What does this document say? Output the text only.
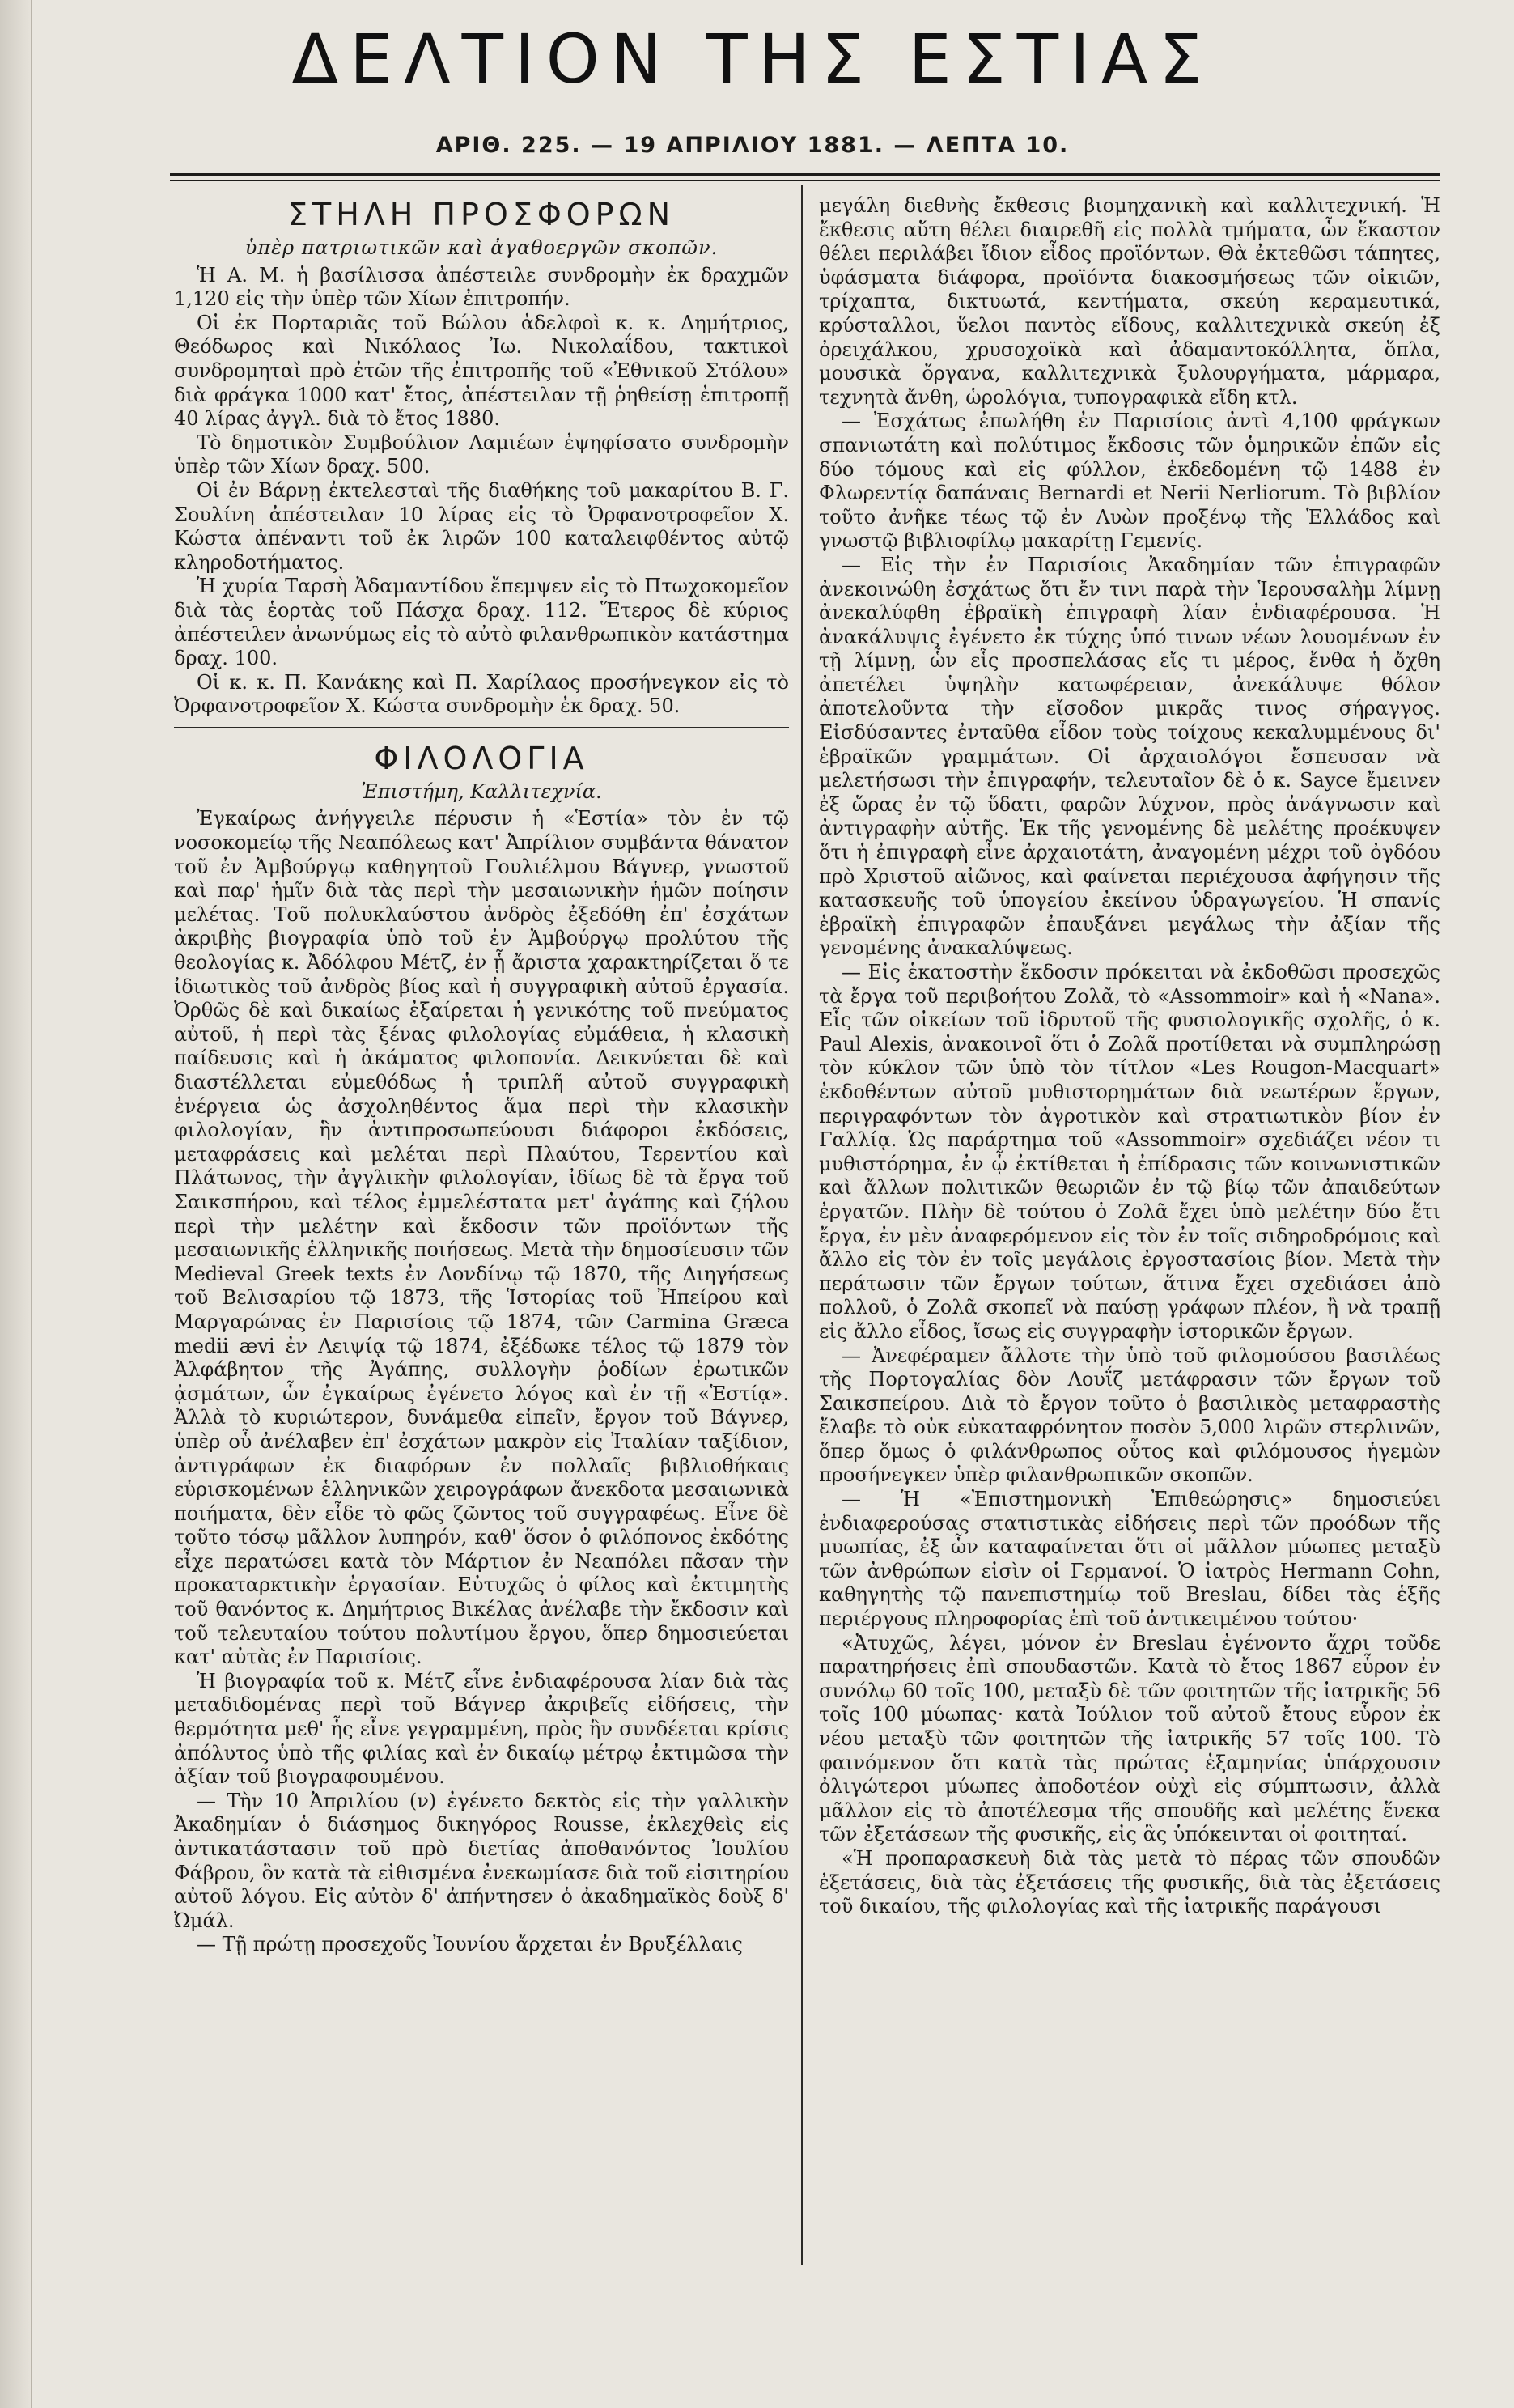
ΔΕΛΤΙΟΝ ΤΗΣ ΕΣΤΙΑΣ
ΑΡΙΘ. 225. — 19 ΑΠΡΙΛΙΟΥ 1881. — ΛΕΠΤΑ 10.
ΣΤΗΛΗ ΠΡΟΣΦΟΡΩΝ
ὑπὲρ πατριωτικῶν καὶ ἀγαθοεργῶν σκοπῶν.

Ἡ Α. Μ. ἡ βασίλισσα ἀπέστειλε συνδρομὴν ἐκ δραχμῶν 1,120 εἰς τὴν ὑπὲρ τῶν Χίων ἐπιτροπήν.

Οἱ ἐκ Πορταριᾶς τοῦ Βώλου ἀδελφοὶ κ. κ. Δημήτριος, Θεόδωρος καὶ Νικόλαος Ἰω. Νικολαΐδου, τακτικοὶ συνδρομηταὶ πρὸ ἐτῶν τῆς ἐπιτροπῆς τοῦ «Ἐθνικοῦ Στόλου» διὰ φράγκα 1000 κατ' ἔτος, ἀπέστειλαν τῇ ῥηθείσῃ ἐπιτροπῇ 40 λίρας ἀγγλ. διὰ τὸ ἔτος 1880.

Τὸ δημοτικὸν Συμβούλιον Λαμιέων ἐψηφίσατο συνδρομὴν ὑπὲρ τῶν Χίων δραχ. 500.

Οἱ ἐν Βάρνῃ ἐκτελεσταὶ τῆς διαθήκης τοῦ μακαρίτου Β. Γ. Σουλίνη ἀπέστειλαν 10 λίρας εἰς τὸ Ὀρφανοτροφεῖον Χ. Κώστα ἀπέναντι τοῦ ἐκ λιρῶν 100 καταλειφθέντος αὐτῷ κληροδοτήματος.

Ἡ χυρία Ταρσὴ Ἀδαμαντίδου ἔπεμψεν εἰς τὸ Πτωχοκομεῖον διὰ τὰς ἑορτὰς τοῦ Πάσχα δραχ. 112. Ἕτερος δὲ κύριος ἀπέστειλεν ἀνωνύμως εἰς τὸ αὐτὸ φιλανθρωπικὸν κατάστημα δραχ. 100.

Οἱ κ. κ. Π. Κανάκης καὶ Π. Χαρίλαος προσήνεγκον εἰς τὸ Ὀρφανοτροφεῖον Χ. Κώστα συνδρομὴν ἐκ δραχ. 50.

ΦΙΛΟΛΟΓΙΑ
Ἐπιστήμη, Καλλιτεχνία.

Ἐγκαίρως ἀνήγγειλε πέρυσιν ἡ «Ἑστία» τὸν ἐν τῷ νοσοκομείῳ τῆς Νεαπόλεως κατ' Ἀπρίλιον συμβάντα θάνατον τοῦ ἐν Ἀμβούργῳ καθηγητοῦ Γουλιέλμου Βάγνερ, γνωστοῦ καὶ παρ' ἡμῖν διὰ τὰς περὶ τὴν μεσαιωνικὴν ἡμῶν ποίησιν μελέτας. Τοῦ πολυκλαύστου ἀνδρὸς ἐξεδόθη ἐπ' ἐσχάτων ἀκριβὴς βιογραφία ὑπὸ τοῦ ἐν Ἀμβούργῳ προλύτου τῆς θεολογίας κ. Ἀδόλφου Μέτζ, ἐν ᾗ ἄριστα χαρακτηρίζεται ὅ τε ἰδιωτικὸς τοῦ ἀνδρὸς βίος καὶ ἡ συγγραφικὴ αὐτοῦ ἐργασία. Ὀρθῶς δὲ καὶ δικαίως ἐξαίρεται ἡ γενικότης τοῦ πνεύματος αὐτοῦ, ἡ περὶ τὰς ξένας φιλολογίας εὐμάθεια, ἡ κλασικὴ παίδευσις καὶ ἡ ἀκάματος φιλοπονία. Δεικνύεται δὲ καὶ διαστέλλεται εὐμεθόδως ἡ τριπλῆ αὐτοῦ συγγραφικὴ ἐνέργεια ὡς ἀσχοληθέντος ἅμα περὶ τὴν κλασικὴν φιλολογίαν, ἣν ἀντιπροσωπεύουσι διάφοροι ἐκδόσεις, μεταφράσεις καὶ μελέται περὶ Πλαύτου, Τερεντίου καὶ Πλάτωνος, τὴν ἀγγλικὴν φιλολογίαν, ἰδίως δὲ τὰ ἔργα τοῦ Σαικσπήρου, καὶ τέλος ἐμμελέστατα μετ' ἀγάπης καὶ ζήλου περὶ τὴν μελέτην καὶ ἔκδοσιν τῶν προϊόντων τῆς μεσαιωνικῆς ἑλληνικῆς ποιήσεως. Μετὰ τὴν δημοσίευσιν τῶν Medieval Greek texts ἐν Λονδίνῳ τῷ 1870, τῆς Διηγήσεως τοῦ Βελισαρίου τῷ 1873, τῆς Ἱστορίας τοῦ Ἠπείρου καὶ Μαργαρώνας ἐν Παρισίοις τῷ 1874, τῶν Carmina Græca medii ævi ἐν Λειψίᾳ τῷ 1874, ἐξέδωκε τέλος τῷ 1879 τὸν Ἀλφάβητον τῆς Ἀγάπης, συλλογὴν ῥοδίων ἐρωτικῶν ᾀσμάτων, ὧν ἐγκαίρως ἐγένετο λόγος καὶ ἐν τῇ «Ἑστίᾳ». Ἀλλὰ τὸ κυριώτερον, δυνάμεθα εἰπεῖν, ἔργον τοῦ Βάγνερ, ὑπὲρ οὗ ἀνέλαβεν ἐπ' ἐσχάτων μακρὸν εἰς Ἰταλίαν ταξίδιον, ἀντιγράφων ἐκ διαφόρων ἐν πολλαῖς βιβλιοθήκαις εὑρισκομένων ἑλληνικῶν χειρογράφων ἄνεκδοτα μεσαιωνικὰ ποιήματα, δὲν εἶδε τὸ φῶς ζῶντος τοῦ συγγραφέως. Εἶνε δὲ τοῦτο τόσῳ μᾶλλον λυπηρόν, καθ' ὅσον ὁ φιλόπονος ἐκδότης εἶχε περατώσει κατὰ τὸν Μάρτιον ἐν Νεαπόλει πᾶσαν τὴν προκαταρκτικὴν ἐργασίαν. Εὐτυχῶς ὁ φίλος καὶ ἐκτιμητὴς τοῦ θανόντος κ. Δημήτριος Βικέλας ἀνέλαβε τὴν ἔκδοσιν καὶ τοῦ τελευταίου τούτου πολυτίμου ἔργου, ὅπερ δημοσιεύεται κατ' αὐτὰς ἐν Παρισίοις.

Ἡ βιογραφία τοῦ κ. Μέτζ εἶνε ἐνδιαφέρουσα λίαν διὰ τὰς μεταδιδομένας περὶ τοῦ Βάγνερ ἀκριβεῖς εἰδήσεις, τὴν θερμότητα μεθ' ἧς εἶνε γεγραμμένη, πρὸς ἣν συνδέεται κρίσις ἀπόλυτος ὑπὸ τῆς φιλίας καὶ ἐν δικαίῳ μέτρῳ ἐκτιμῶσα τὴν ἀξίαν τοῦ βιογραφουμένου.

— Τὴν 10 Ἀπριλίου (ν) ἐγένετο δεκτὸς εἰς τὴν γαλλικὴν Ἀκαδημίαν ὁ διάσημος δικηγόρος Rousse, ἐκλεχθεὶς εἰς ἀντικατάστασιν τοῦ πρὸ διετίας ἀποθανόντος Ἰουλίου Φάβρου, ὃν κατὰ τὰ εἰθισμένα ἐνεκωμίασε διὰ τοῦ εἰσιτηρίου αὐτοῦ λόγου. Εἰς αὐτὸν δ' ἀπήντησεν ὁ ἀκαδημαϊκὸς δοὺξ δ' Ὠμάλ.

— Τῇ πρώτῃ προσεχοῦς Ἰουνίου ἄρχεται ἐν Βρυξέλλαις

μεγάλη διεθνὴς ἔκθεσις βιομηχανικὴ καὶ καλλιτεχνική. Ἡ ἔκθεσις αὕτη θέλει διαιρεθῆ εἰς πολλὰ τμήματα, ὧν ἕκαστον θέλει περιλάβει ἴδιον εἶδος προϊόντων. Θὰ ἐκτεθῶσι τάπητες, ὑφάσματα διάφορα, προϊόντα διακοσμήσεως τῶν οἰκιῶν, τρίχαπτα, δικτυωτά, κεντήματα, σκεύη κεραμευτικά, κρύσταλλοι, ὕελοι παντὸς εἴδους, καλλιτεχνικὰ σκεύη ἐξ ὀρειχάλκου, χρυσοχοϊκὰ καὶ ἀδαμαντοκόλλητα, ὅπλα, μουσικὰ ὄργανα, καλλιτεχνικὰ ξυλουργήματα, μάρμαρα, τεχνητὰ ἄνθη, ὡρολόγια, τυπογραφικὰ εἴδη κτλ.

— Ἐσχάτως ἐπωλήθη ἐν Παρισίοις ἀντὶ 4,100 φράγκων σπανιωτάτη καὶ πολύτιμος ἔκδοσις τῶν ὁμηρικῶν ἐπῶν εἰς δύο τόμους καὶ εἰς φύλλον, ἐκδεδομένη τῷ 1488 ἐν Φλωρεντίᾳ δαπάναις Bernardi et Nerii Nerliorum. Τὸ βιβλίον τοῦτο ἀνῆκε τέως τῷ ἐν Λυὼν προξένῳ τῆς Ἑλλάδος καὶ γνωστῷ βιβλιοφίλῳ μακαρίτῃ Γεμενίς.

— Εἰς τὴν ἐν Παρισίοις Ἀκαδημίαν τῶν ἐπιγραφῶν ἀνεκοινώθη ἐσχάτως ὅτι ἔν τινι παρὰ τὴν Ἱερουσαλὴμ λίμνῃ ἀνεκαλύφθη ἑβραϊκὴ ἐπιγραφὴ λίαν ἐνδιαφέρουσα. Ἡ ἀνακάλυψις ἐγένετο ἐκ τύχης ὑπό τινων νέων λουομένων ἐν τῇ λίμνῃ, ὧν εἷς προσπελάσας εἴς τι μέρος, ἔνθα ἡ ὄχθη ἀπετέλει ὑψηλὴν κατωφέρειαν, ἀνεκάλυψε θόλον ἀποτελοῦντα τὴν εἴσοδον μικρᾶς τινος σήραγγος. Εἰσδύσαντες ἐνταῦθα εἶδον τοὺς τοίχους κεκαλυμμένους δι' ἑβραϊκῶν γραμμάτων. Οἱ ἀρχαιολόγοι ἔσπευσαν νὰ μελετήσωσι τὴν ἐπιγραφήν, τελευταῖον δὲ ὁ κ. Sayce ἔμεινεν ἐξ ὥρας ἐν τῷ ὕδατι, φαρῶν λύχνον, πρὸς ἀνάγνωσιν καὶ ἀντιγραφὴν αὐτῆς. Ἐκ τῆς γενομένης δὲ μελέτης προέκυψεν ὅτι ἡ ἐπιγραφὴ εἶνε ἀρχαιοτάτη, ἀναγομένη μέχρι τοῦ ὀγδόου πρὸ Χριστοῦ αἰῶνος, καὶ φαίνεται περιέχουσα ἀφήγησιν τῆς κατασκευῆς τοῦ ὑπογείου ἐκείνου ὑδραγωγείου. Ἡ σπανίς ἑβραϊκὴ ἐπιγραφῶν ἐπαυξάνει μεγάλως τὴν ἀξίαν τῆς γενομένης ἀνακαλύψεως.

— Εἰς ἑκατοστὴν ἔκδοσιν πρόκειται νὰ ἐκδοθῶσι προσεχῶς τὰ ἔργα τοῦ περιβοήτου Ζολᾶ, τὸ «Assommoir» καὶ ἡ «Nana». Εἷς τῶν οἰκείων τοῦ ἱδρυτοῦ τῆς φυσιολογικῆς σχολῆς, ὁ κ. Paul Alexis, ἀνακοινοῖ ὅτι ὁ Ζολᾶ προτίθεται νὰ συμπληρώσῃ τὸν κύκλον τῶν ὑπὸ τὸν τίτλον «Les Rougon-Macquart» ἐκδοθέντων αὐτοῦ μυθιστορημάτων διὰ νεωτέρων ἔργων, περιγραφόντων τὸν ἀγροτικὸν καὶ στρατιωτικὸν βίον ἐν Γαλλίᾳ. Ὡς παράρτημα τοῦ «Assommoir» σχεδιάζει νέον τι μυθιστόρημα, ἐν ᾧ ἐκτίθεται ἡ ἐπίδρασις τῶν κοινωνιστικῶν καὶ ἄλλων πολιτικῶν θεωριῶν ἐν τῷ βίῳ τῶν ἀπαιδεύτων ἐργατῶν. Πλὴν δὲ τούτου ὁ Ζολᾶ ἔχει ὑπὸ μελέτην δύο ἔτι ἔργα, ἐν μὲν ἀναφερόμενον εἰς τὸν ἐν τοῖς σιδηροδρόμοις καὶ ἄλλο εἰς τὸν ἐν τοῖς μεγάλοις ἐργοστασίοις βίον. Μετὰ τὴν περάτωσιν τῶν ἔργων τούτων, ἅτινα ἔχει σχεδιάσει ἀπὸ πολλοῦ, ὁ Ζολᾶ σκοπεῖ νὰ παύσῃ γράφων πλέον, ἢ νὰ τραπῇ εἰς ἄλλο εἶδος, ἴσως εἰς συγγραφὴν ἱστορικῶν ἔργων.

— Ἀνεφέραμεν ἄλλοτε τὴν ὑπὸ τοῦ φιλομούσου βασιλέως τῆς Πορτογαλίας δὸν Λουΐζ μετάφρασιν τῶν ἔργων τοῦ Σαικσπείρου. Διὰ τὸ ἔργον τοῦτο ὁ βασιλικὸς μεταφραστὴς ἔλαβε τὸ οὐκ εὐκαταφρόνητον ποσὸν 5,000 λιρῶν στερλινῶν, ὅπερ ὅμως ὁ φιλάνθρωπος οὗτος καὶ φιλόμουσος ἡγεμὼν προσήνεγκεν ὑπὲρ φιλανθρωπικῶν σκοπῶν.

— Ἡ «Ἐπιστημονικὴ Ἐπιθεώρησις» δημοσιεύει ἐνδιαφερούσας στατιστικὰς εἰδήσεις περὶ τῶν προόδων τῆς μυωπίας, ἐξ ὧν καταφαίνεται ὅτι οἱ μᾶλλον μύωπες μεταξὺ τῶν ἀνθρώπων εἰσὶν οἱ Γερμανοί. Ὁ ἰατρὸς Hermann Cohn, καθηγητὴς τῷ πανεπιστημίῳ τοῦ Breslau, δίδει τὰς ἑξῆς περιέργους πληροφορίας ἐπὶ τοῦ ἀντικειμένου τούτου·

«Ἀτυχῶς, λέγει, μόνον ἐν Breslau ἐγένοντο ἄχρι τοῦδε παρατηρήσεις ἐπὶ σπουδαστῶν. Κατὰ τὸ ἔτος 1867 εὗρον ἐν συνόλῳ 60 τοῖς 100, μεταξὺ δὲ τῶν φοιτητῶν τῆς ἰατρικῆς 56 τοῖς 100 μύωπας· κατὰ Ἰούλιον τοῦ αὐτοῦ ἔτους εὗρον ἐκ νέου μεταξὺ τῶν φοιτητῶν τῆς ἰατρικῆς 57 τοῖς 100. Τὸ φαινόμενον ὅτι κατὰ τὰς πρώτας ἑξαμηνίας ὑπάρχουσιν ὀλιγώτεροι μύωπες ἀποδοτέον οὐχὶ εἰς σύμπτωσιν, ἀλλὰ μᾶλλον εἰς τὸ ἀποτέλεσμα τῆς σπουδῆς καὶ μελέτης ἕνεκα τῶν ἐξετάσεων τῆς φυσικῆς, εἰς ἃς ὑπόκεινται οἱ φοιτηταί.

«Ἡ προπαρασκευὴ διὰ τὰς μετὰ τὸ πέρας τῶν σπουδῶν ἐξετάσεις, διὰ τὰς ἐξετάσεις τῆς φυσικῆς, διὰ τὰς ἐξετάσεις τοῦ δικαίου, τῆς φιλολογίας καὶ τῆς ἰατρικῆς παράγουσι
